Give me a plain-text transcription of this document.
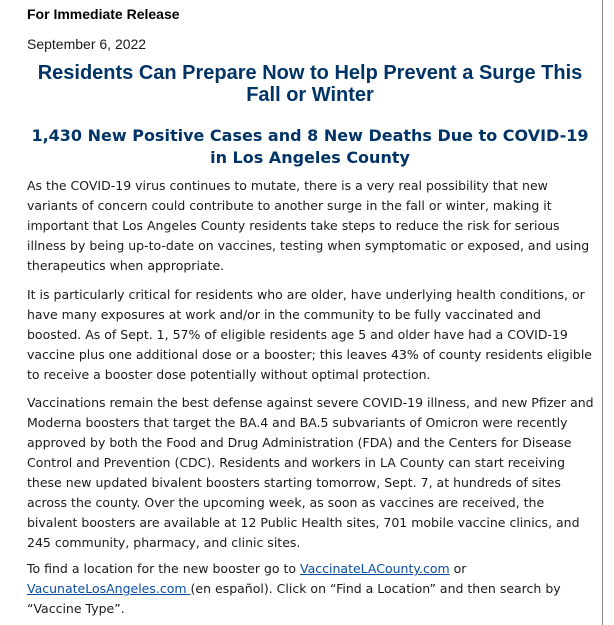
For Immediate Release

September 6, 2022

Residents Can Prepare Now to Help Prevent a Surge This Fall or Winter
1,430 New Positive Cases and 8 New Deaths Due to COVID-19 in Los Angeles County

As the COVID-19 virus continues to mutate, there is a very real possibility that new variants of concern could contribute to another surge in the fall or winter, making it important that Los Angeles County residents take steps to reduce the risk for serious illness by being up-to-date on vaccines, testing when symptomatic or exposed, and using therapeutics when appropriate.

It is particularly critical for residents who are older, have underlying health conditions, or have many exposures at work and/or in the community to be fully vaccinated and boosted. As of Sept. 1, 57% of eligible residents age 5 and older have had a COVID-19 vaccine plus one additional dose or a booster; this leaves 43% of county residents eligible to receive a booster dose potentially without optimal protection.

Vaccinations remain the best defense against severe COVID-19 illness, and new Pfizer and Moderna boosters that target the BA.4 and BA.5 subvariants of Omicron were recently approved by both the Food and Drug Administration (FDA) and the Centers for Disease Control and Prevention (CDC). Residents and workers in LA County can start receiving these new updated bivalent boosters starting tomorrow, Sept. 7, at hundreds of sites across the county. Over the upcoming week, as soon as vaccines are received, the bivalent boosters are available at 12 Public Health sites, 701 mobile vaccine clinics, and 245 community, pharmacy, and clinic sites.

To find a location for the new booster go to VaccinateLACounty.com or
VacunateLosAngeles.com (en español). Click on “Find a Location” and then search by “Vaccine Type”.
